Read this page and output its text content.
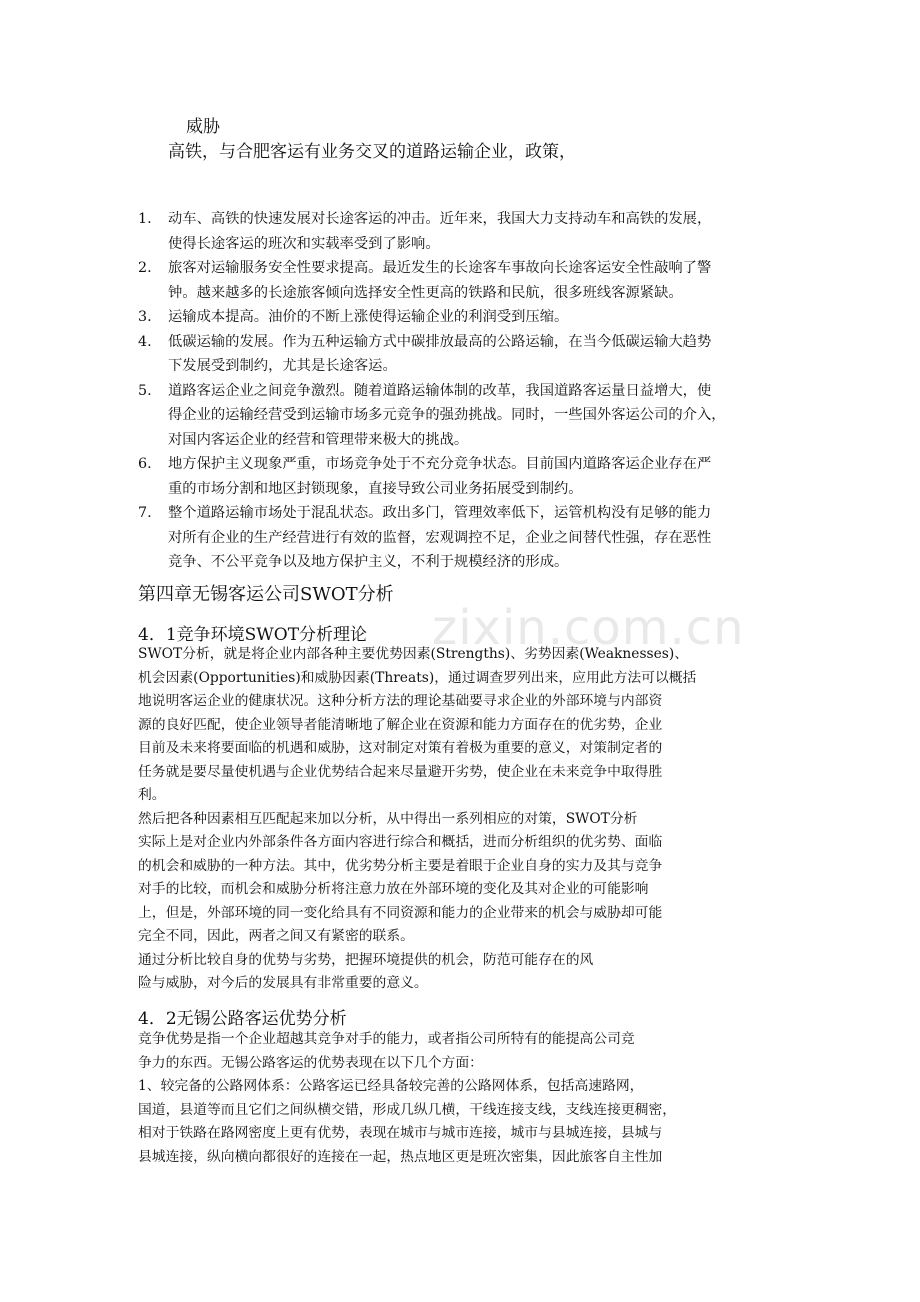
zixin.com.cn
威胁
高铁，与合肥客运有业务交叉的道路运输企业，政策，
1. 动车、高铁的快速发展对长途客运的冲击。近年来，我国大力支持动车和高铁的发展，
使得长途客运的班次和实载率受到了影响。
2. 旅客对运输服务安全性要求提高。最近发生的长途客车事故向长途客运安全性敲响了警
钟。越来越多的长途旅客倾向选择安全性更高的铁路和民航，很多班线客源紧缺。
3. 运输成本提高。油价的不断上涨使得运输企业的利润受到压缩。
4. 低碳运输的发展。作为五种运输方式中碳排放最高的公路运输，在当今低碳运输大趋势
下发展受到制约，尤其是长途客运。
5. 道路客运企业之间竞争激烈。随着道路运输体制的改革，我国道路客运量日益增大，使
得企业的运输经营受到运输市场多元竞争的强劲挑战。同时，一些国外客运公司的介入，
对国内客运企业的经营和管理带来极大的挑战。
6. 地方保护主义现象严重，市场竞争处于不充分竞争状态。目前国内道路客运企业存在严
重的市场分割和地区封锁现象，直接导致公司业务拓展受到制约。
7. 整个道路运输市场处于混乱状态。政出多门，管理效率低下，运管机构没有足够的能力
对所有企业的生产经营进行有效的监督，宏观调控不足，企业之间替代性强，存在恶性
竞争、不公平竞争以及地方保护主义，不利于规模经济的形成。
第四章无锡客运公司SWOT分析
4．1竞争环境SWOT分析理论
SWOT分析，就是将企业内部各种主要优势因素(Strengths)、劣势因素(Weaknesses)、
机会因素(Opportunities)和威胁因素(Threats)，通过调查罗列出来，应用此方法可以概括
地说明客运企业的健康状况。这种分析方法的理论基础要寻求企业的外部环境与内部资
源的良好匹配，使企业领导者能清晰地了解企业在资源和能力方面存在的优劣势，企业
目前及未来将要面临的机遇和威胁，这对制定对策有着极为重要的意义，对策制定者的
任务就是要尽量使机遇与企业优势结合起来尽量避开劣势，使企业在未来竞争中取得胜
利。
然后把各种因素相互匹配起来加以分析，从中得出一系列相应的对策，SWOT分析
实际上是对企业内外部条件各方面内容进行综合和概括，进而分析组织的优劣势、面临
的机会和威胁的一种方法。其中，优劣势分析主要是着眼于企业自身的实力及其与竞争
对手的比较，而机会和威胁分析将注意力放在外部环境的变化及其对企业的可能影响
上，但是，外部环境的同一变化给具有不同资源和能力的企业带来的机会与威胁却可能
完全不同，因此，两者之间又有紧密的联系。
通过分析比较自身的优势与劣势，把握环境提供的机会，防范可能存在的风
险与威胁，对今后的发展具有非常重要的意义。
4．2无锡公路客运优势分析
竞争优势是指一个企业超越其竞争对手的能力，或者指公司所特有的能提高公司竞
争力的东西。无锡公路客运的优势表现在以下几个方面：
1、较完备的公路网体系：公路客运已经具备较完善的公路网体系，包括高速路网，
国道，县道等而且它们之间纵横交错，形成几纵几横，干线连接支线，支线连接更稠密，
相对于铁路在路网密度上更有优势，表现在城市与城市连接，城市与县城连接，县城与
县城连接，纵向横向都很好的连接在一起，热点地区更是班次密集，因此旅客自主性加
